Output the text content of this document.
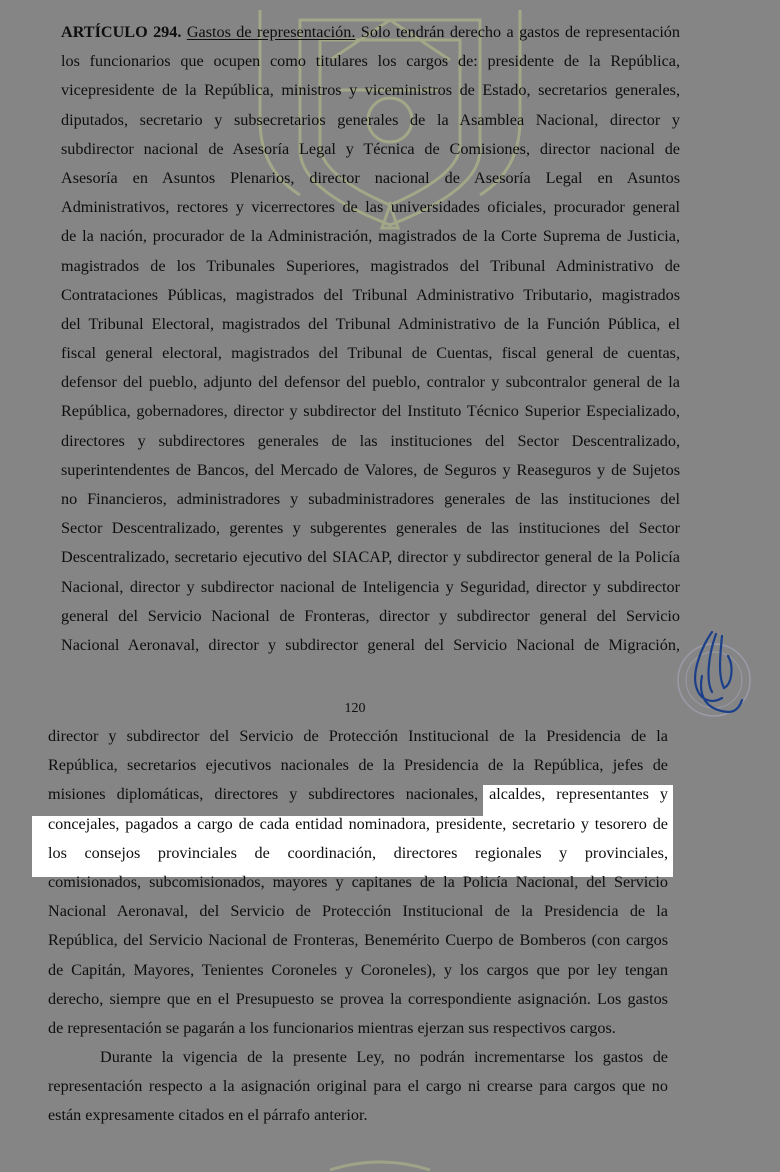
ARTÍCULO 294. Gastos de representación. Solo tendrán derecho a gastos de representación
los funcionarios que ocupen como titulares los cargos de: presidente de la República,
vicepresidente de la República, ministros y viceministros de Estado, secretarios generales,
diputados, secretario y subsecretarios generales de la Asamblea Nacional, director y
subdirector nacional de Asesoría Legal y Técnica de Comisiones, director nacional de
Asesoría en Asuntos Plenarios, director nacional de Asesoría Legal en Asuntos
Administrativos, rectores y vicerrectores de las universidades oficiales, procurador general
de la nación, procurador de la Administración, magistrados de la Corte Suprema de Justicia,
magistrados de los Tribunales Superiores, magistrados del Tribunal Administrativo de
Contrataciones Públicas, magistrados del Tribunal Administrativo Tributario, magistrados
del Tribunal Electoral, magistrados del Tribunal Administrativo de la Función Pública, el
fiscal general electoral, magistrados del Tribunal de Cuentas, fiscal general de cuentas,
defensor del pueblo, adjunto del defensor del pueblo, contralor y subcontralor general de la
República, gobernadores, director y subdirector del Instituto Técnico Superior Especializado,
directores y subdirectores generales de las instituciones del Sector Descentralizado,
superintendentes de Bancos, del Mercado de Valores, de Seguros y Reaseguros y de Sujetos
no Financieros, administradores y subadministradores generales de las instituciones del
Sector Descentralizado, gerentes y subgerentes generales de las instituciones del Sector
Descentralizado, secretario ejecutivo del SIACAP, director y subdirector general de la Policía
Nacional, director y subdirector nacional de Inteligencia y Seguridad, director y subdirector
general del Servicio Nacional de Fronteras, director y subdirector general del Servicio
Nacional Aeronaval, director y subdirector general del Servicio Nacional de Migración,
120
director y subdirector del Servicio de Protección Institucional de la Presidencia de la
República, secretarios ejecutivos nacionales de la Presidencia de la República, jefes de
misiones diplomáticas, directores y subdirectores nacionales, alcaldes, representantes y
concejales, pagados a cargo de cada entidad nominadora, presidente, secretario y tesorero de
los consejos provinciales de coordinación, directores regionales y provinciales,
comisionados, subcomisionados, mayores y capitanes de la Policía Nacional, del Servicio
Nacional Aeronaval, del Servicio de Protección Institucional de la Presidencia de la
República, del Servicio Nacional de Fronteras, Benemérito Cuerpo de Bomberos (con cargos
de Capitán, Mayores, Tenientes Coroneles y Coroneles), y los cargos que por ley tengan
derecho, siempre que en el Presupuesto se provea la correspondiente asignación. Los gastos
de representación se pagarán a los funcionarios mientras ejerzan sus respectivos cargos.
Durante la vigencia de la presente Ley, no podrán incrementarse los gastos de
representación respecto a la asignación original para el cargo ni crearse para cargos que no
están expresamente citados en el párrafo anterior.
